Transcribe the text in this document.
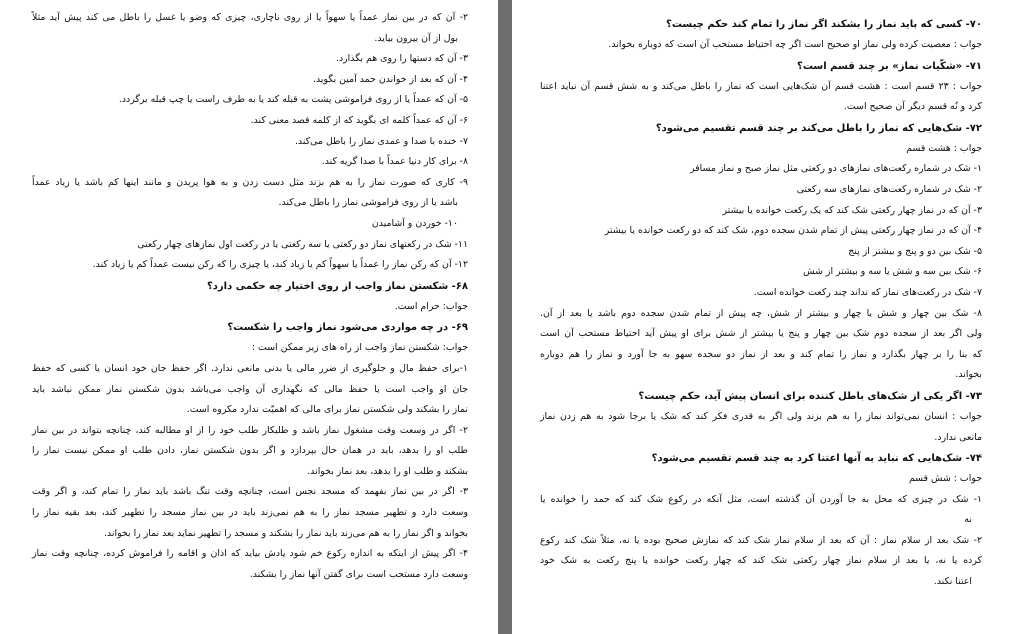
۲- آن که در بین نماز عمداً یا سهواً یا از روی ناچاری، چیزی که وضو یا غسل را باطل می کند پیش آید مثلاً
بول از آن بیرون بیاید.
۳- آن که دستها را روی هم بگذارد.
۴- آن که بعد از خواندن حمد آمین بگوید.
۵- آن که عمداً یا از روی فراموشی پشت به قبله کند یا به طرف راست یا چپ قبله برگردد.
۶- آن که عمداً کلمه ای بگوید که از کلمه قصد معنی کند.
۷- خنده با صدا و عمدی نماز را باطل می‌کند.
۸- برای کار دنیا عمداً با صدا گریه کند.
۹- کاری که صورت نماز را به هم بزند مثل دست زدن و به هوا پریدن و مانند اینها کم باشد یا زیاد عمداً
باشد یا از روی فراموشی نماز را باطل می‌کند.
۱۰- خوردن و آشامیدن
۱۱- شک در رکعتهای نماز دو رکعتی یا سه رکعتی یا در رکعت اول نمازهای چهار رکعتی
۱۲- آن که رکن نماز را عمداً یا سهواً کم یا زیاد کند، یا چیزی را که رکن نیست عمداً کم یا زیاد کند.
۶۸- شکستن نماز واجب از روی اختیار چه حکمی دارد؟
جواب: حرام است.
۶۹- در چه مواردی می‌شود نماز واجب را شکست؟
جواب: شکستن نماز واجب از راه های زیر ممکن است :
۱-برای حفظ مال و جلوگیری از ضرر مالی یا بدنی مانعی ندارد. اگر حفظ جان خود انسان یا کسی که حفظ
جان او واجب است یا حفظ مالی که نگهداری آن واجب می‌باشد بدون شکستن نماز ممکن نباشد باید
نماز را بشکند ولی شکستن نماز برای مالی که اهمیّت ندارد مکروه است.
۲- اگر در وسعت وقت مشغول نماز باشد و طلبکار طلب خود را از او مطالبه کند، چنانچه بتواند در بین نماز
طلب او را بدهد، باید در همان حال بپردازد و اگر بدون شکستن نماز، دادن طلب او ممکن نیست نماز را
بشکند و طلب او را بدهد، بعد نماز بخواند.
۳- اگر در بین نماز بفهمد که مسجد نجس است، چنانچه وقت تنگ باشد باید نماز را تمام کند، و اگر وقت
وسعت دارد و تطهیر مسجد نماز را به هم نمی‌زند باید در بین نماز مسجد را تطهیر کند، بعد بقیه نماز را
بخواند و اگر نماز را به هم می‌زند باید نماز را بشکند و مسجد را تطهیر نماید بعد نماز را بخواند.
۴- اگر پیش از اینکه به اندازه رکوع خم شود یادش بیاید که اذان و اقامه را فراموش کرده، چنانچه وقت نماز
وسعت دارد مستحب است برای گفتن آنها نماز را بشکند.
۷۰- کسی که باید نماز را بشکند اگر نماز را تمام کند حکم چیست؟
جواب : معصیت کرده ولی نماز او صحیح است اگر چه احتیاط مستحب آن است که دوباره بخواند.
۷۱- «شکّیات نماز» بر چند قسم است؟
جواب : ۲۳ قسم است : هشت قسم آن شک‌هایی است که نماز را باطل می‌کند و به شش قسم آن نباید اعتنا
کرد و نُه قسم دیگر آن صحیح است.
۷۲- شک‌هایی که نماز را باطل می‌کند بر چند قسم تقسیم می‌شود؟
جواب : هشت قسم
۱- شک در شماره رکعت‌های نمازهای دو رکعتی مثل نماز صبح و نماز مسافر
۲- شک در شماره رکعت‌های نمازهای سه رکعتی
۳- آن که در نماز چهار رکعتی شک کند که یک رکعت خوانده یا بیشتر
۴- آن که در نماز چهار رکعتی پیش از تمام شدن سجده دوم، شک کند که دو رکعت خوانده یا بیشتر
۵- شک بین دو و پنج و بیشتر از پنج
۶- شک بین سه و شش یا سه و بیشتر از شش
۷- شک در رکعت‌های نماز که نداند چند رکعت خوانده است.
۸- شک بین چهار و شش یا چهار و بیشتر از شش، چه پیش از تمام شدن سجده دوم باشد یا بعد از آن.
ولی اگر بعد از سجده دوم شک بین چهار و پنج یا بیشتر از شش برای او پیش آید احتیاط مستحب آن است
که بنا را بر چهار بگذارد و نماز را تمام کند و بعد از نماز دو سجده سهو به جا آورد و نماز را هم دوباره
بخواند.
۷۳- اگر یکی از شک‌های باطل کننده برای انسان پیش آید، حکم چیست؟
جواب : انسان نمی‌تواند نماز را به هم بزند ولی اگر به قدری فکر کند که شک یا برجا شود به هم زدن نماز
مانعی ندارد.
۷۴- شک‌هایی که نباید به آنها اعتنا کرد به چند قسم تقسیم می‌شود؟
جواب : شش قسم
۱- شک در چیزی که محل به جا آوردن آن گذشته است، مثل آنکه در رکوع شک کند که حمد را خوانده یا
نه
۲- شک بعد از سلام نماز : آن که بعد از سلام نماز شک کند که نمازش صحیح بوده یا نه، مثلاً شک کند رکوع
کرده یا نه، یا بعد از سلام نماز چهار رکعتی شک کند که چهار رکعت خوانده یا پنج رکعت به شک خود
اعتنا نکند.
